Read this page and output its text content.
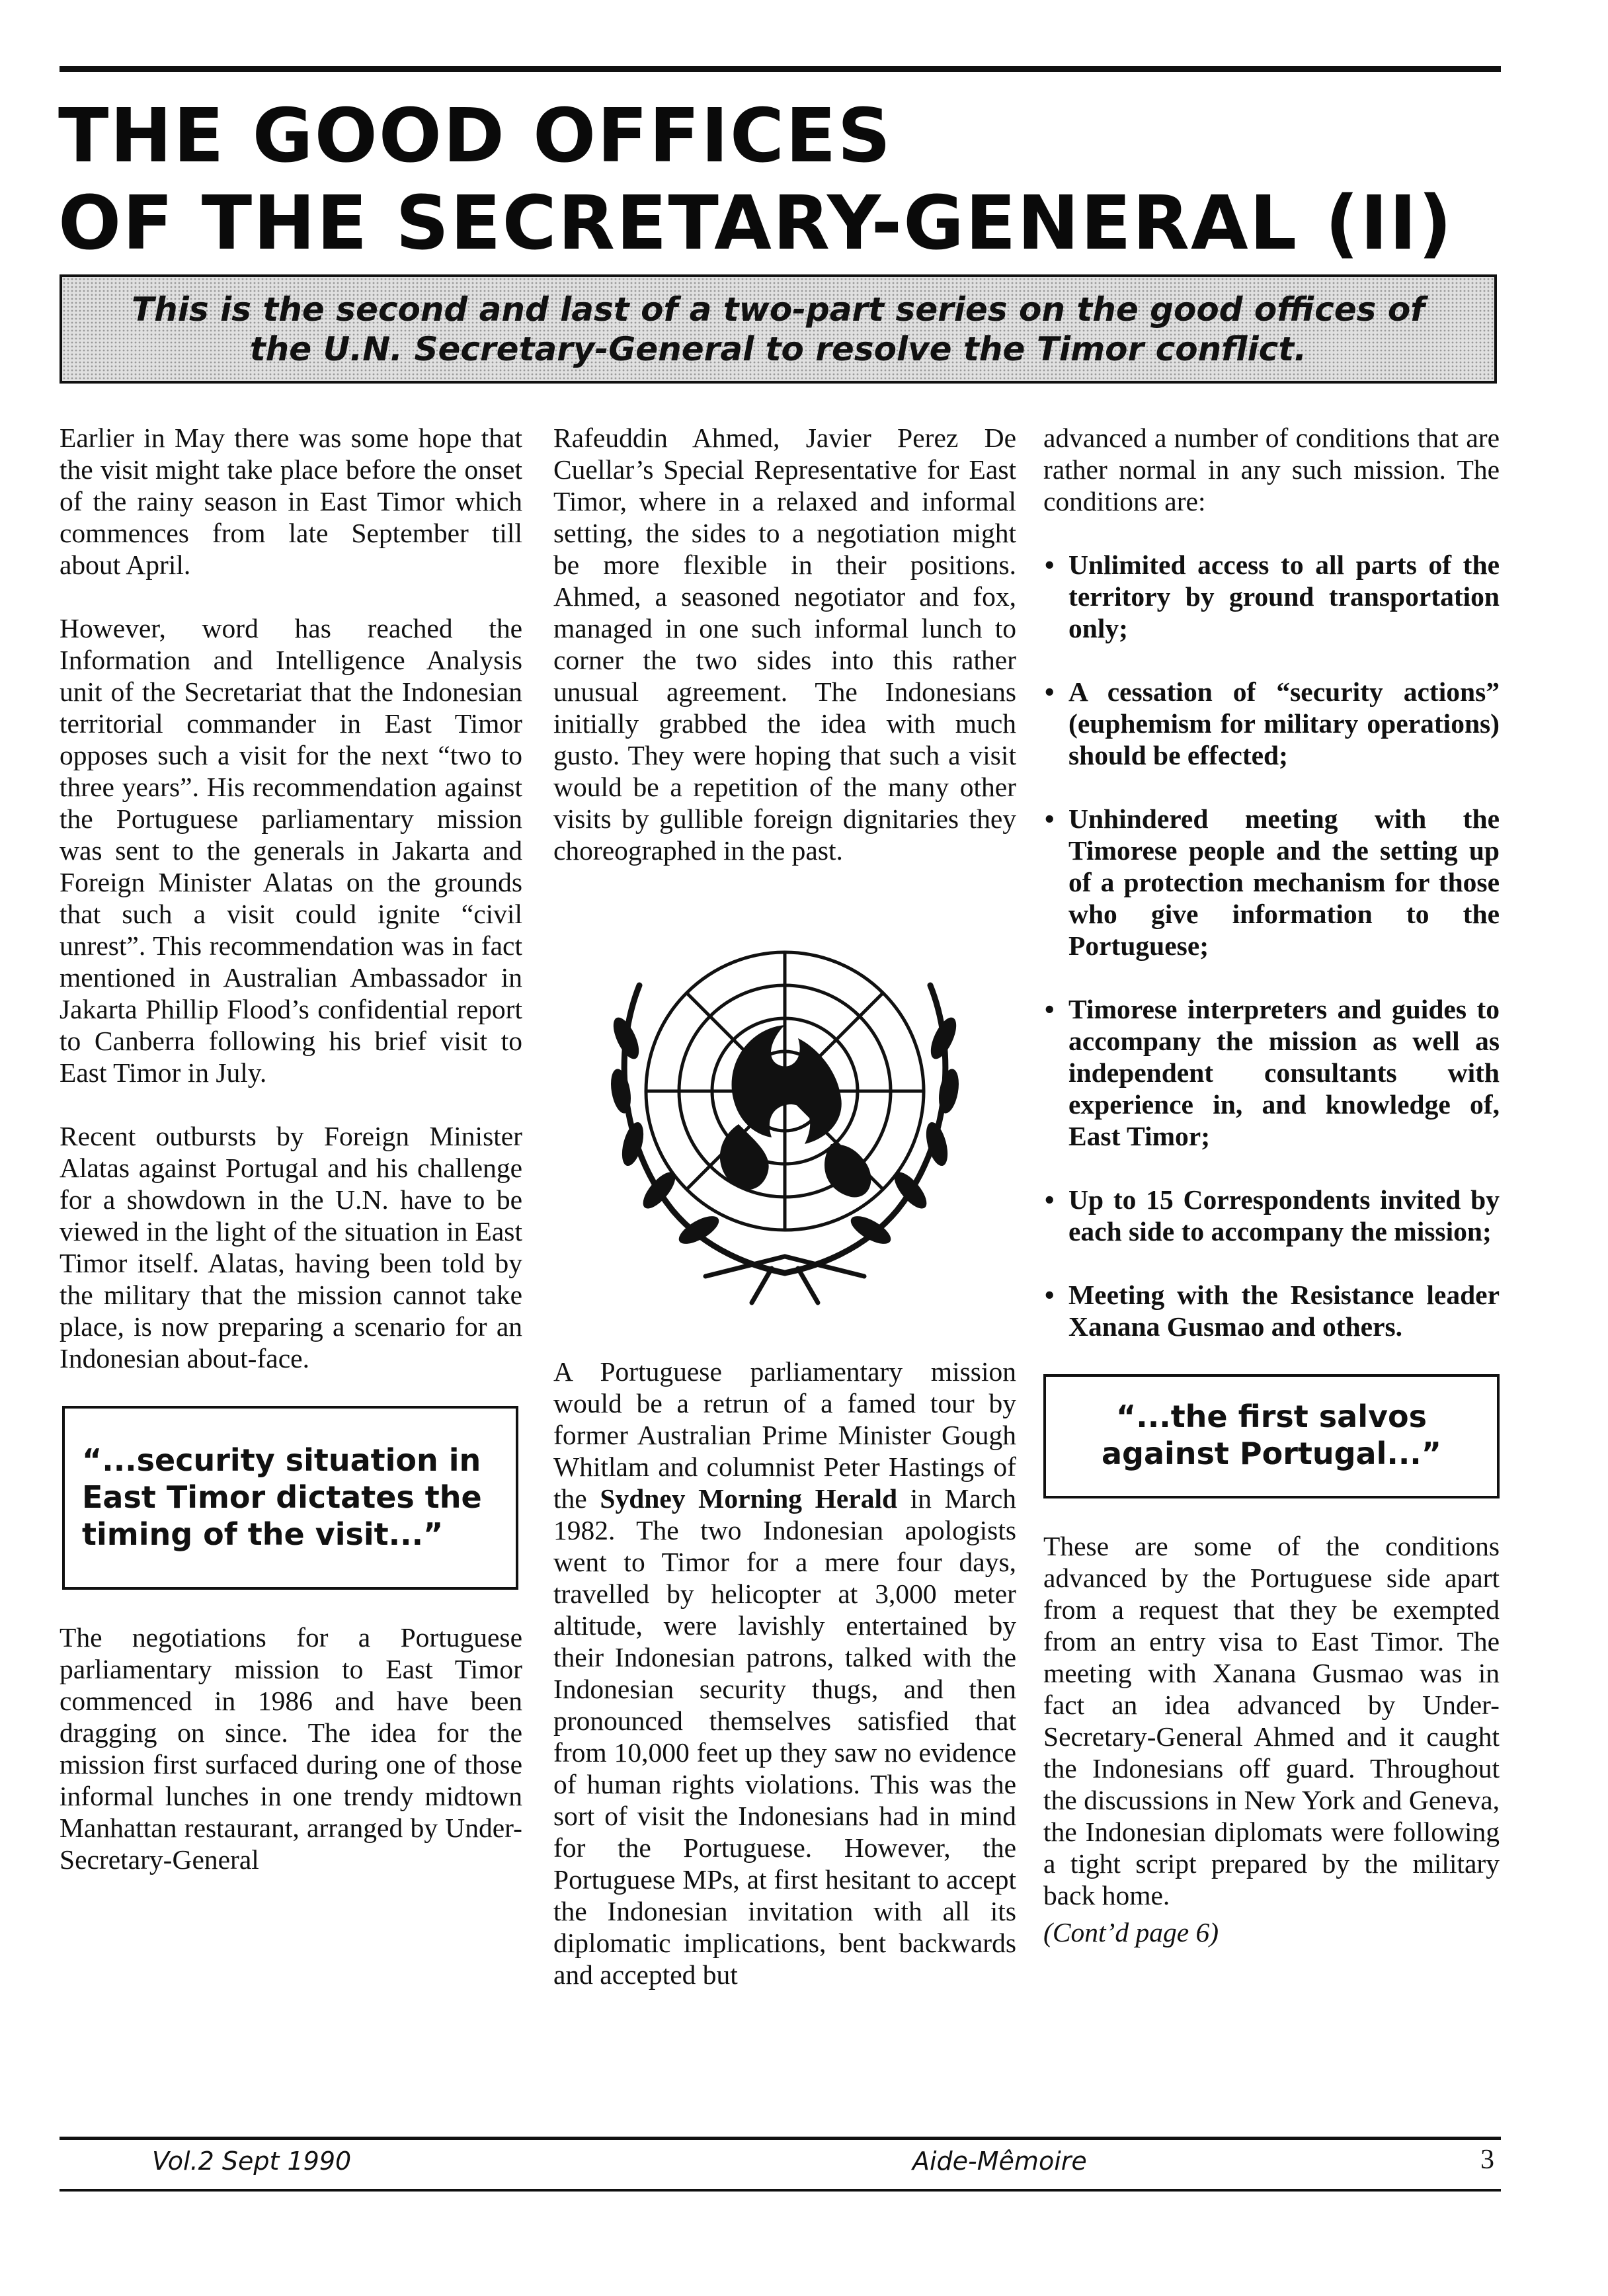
THE GOOD OFFICES
OF THE SECRETARY-GENERAL (II)

This is the second and last of a two-part series on the good offices of the U.N. Secretary-General to resolve the Timor conflict.

Earlier in May there was some hope that the visit might take place before the onset of the rainy season in East Timor which commences from late September till about April.

However, word has reached the Information and Intelligence Analysis unit of the Secretariat that the Indonesian territorial commander in East Timor opposes such a visit for the next “two to three years”. His recommendation against the Portuguese parliamentary mission was sent to the generals in Jakarta and Foreign Minister Alatas on the grounds that such a visit could ignite “civil unrest”. This recommendation was in fact mentioned in Australian Ambassador in Jakarta Phillip Flood’s confidential report to Canberra following his brief visit to East Timor in July.

Recent outbursts by Foreign Minister Alatas against Portugal and his challenge for a showdown in the U.N. have to be viewed in the light of the situation in East Timor itself. Alatas, having been told by the military that the mission cannot take place, is now preparing a scenario for an Indonesian about-face.

“...security situation in East Timor dictates the timing of the visit...”

The negotiations for a Portuguese parliamentary mission to East Timor commenced in 1986 and have been dragging on since. The idea for the mission first surfaced during one of those informal lunches in one trendy midtown Manhattan restaurant, arranged by Under-Secretary-General

Rafeuddin Ahmed, Javier Perez De Cuellar’s Special Representative for East Timor, where in a relaxed and informal setting, the sides to a negotiation might be more flexible in their positions. Ahmed, a seasoned negotiator and fox, managed in one such informal lunch to corner the two sides into this rather unusual agreement. The Indonesians initially grabbed the idea with much gusto. They were hoping that such a visit would be a repetition of the many other visits by gullible foreign dignitaries they choreographed in the past.

A Portuguese parliamentary mission would be a retrun of a famed tour by former Australian Prime Minister Gough Whitlam and columnist Peter Hastings of the Sydney Morning Herald in March 1982. The two Indonesian apologists went to Timor for a mere four days, travelled by helicopter at 3,000 meter altitude, were lavishly entertained by their Indonesian patrons, talked with the Indonesian security thugs, and then pronounced themselves satisfied that from 10,000 feet up they saw no evidence of human rights violations. This was the sort of visit the Indonesians had in mind for the Portuguese. However, the Portuguese MPs, at first hesitant to accept the Indonesian invitation with all its diplomatic implications, bent backwards and accepted but

advanced a number of conditions that are rather normal in any such mission. The conditions are:

• Unlimited access to all parts of the territory by ground transportation only;
• A cessation of “security actions” (euphemism for military operations) should be effected;
• Unhindered meeting with the Timorese people and the setting up of a protection mechanism for those who give information to the Portuguese;
• Timorese interpreters and guides to accompany the mission as well as independent consultants with experience in, and knowledge of, East Timor;
• Up to 15 Correspondents invited by each side to accompany the mission;
• Meeting with the Resistance leader Xanana Gusmao and others.
“...the first salvos against Portugal...”

These are some of the conditions advanced by the Portuguese side apart from a request that they be exempted from an entry visa to East Timor. The meeting with Xanana Gusmao was in fact an idea advanced by Under-Secretary-General Ahmed and it caught the Indonesians off guard. Throughout the discussions in New York and Geneva, the Indonesian diplomats were following a tight script prepared by the military back home.

(Cont’d page 6)

Vol.2 Sept 1990	Aide-Mêmoire	3
